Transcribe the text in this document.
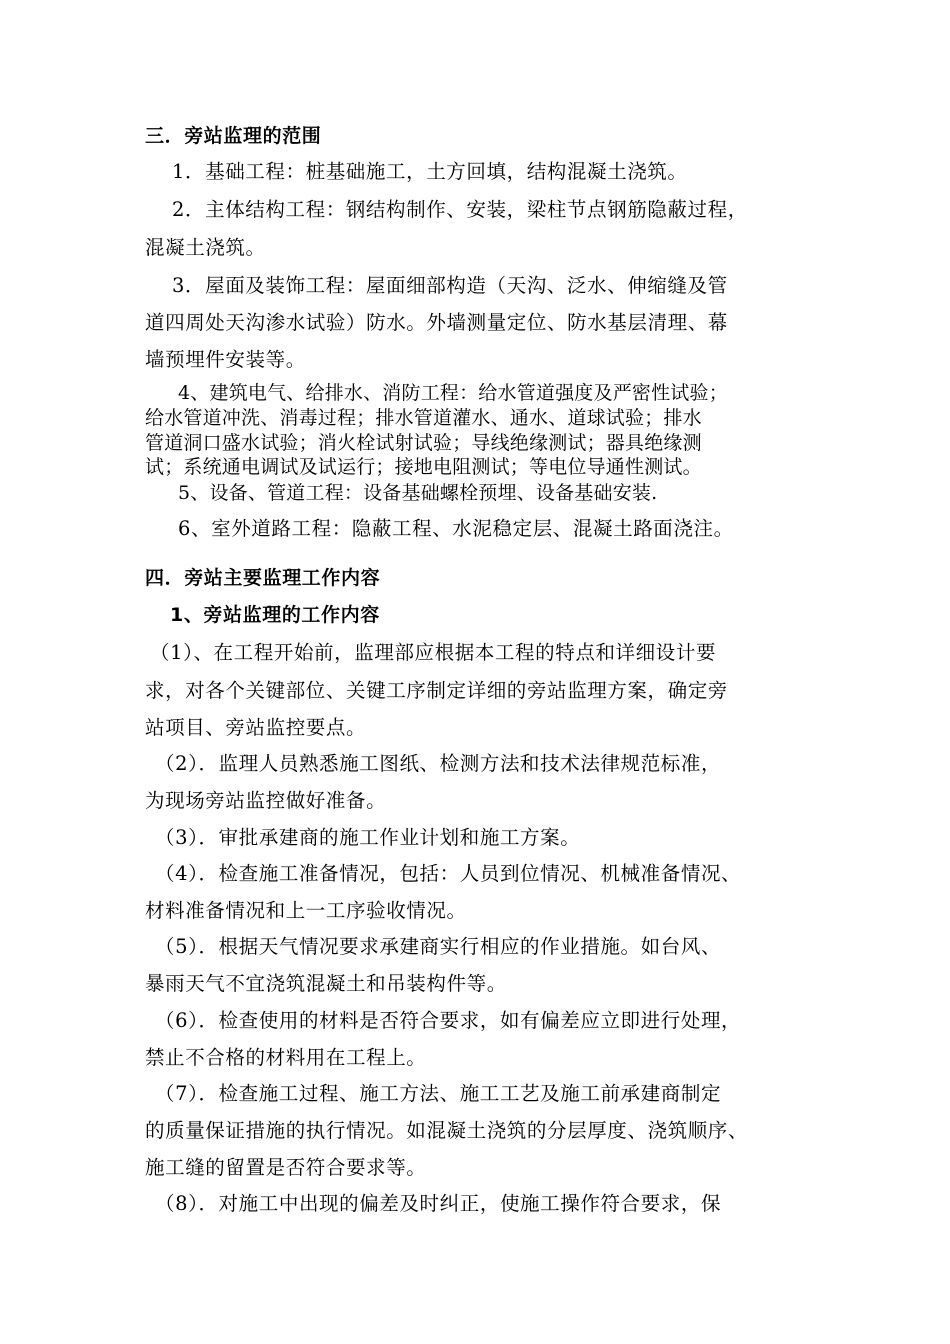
三．旁站监理的范围
1．基础工程：桩基础施工，土方回填，结构混凝土浇筑。
2．主体结构工程：钢结构制作、安装，梁柱节点钢筋隐蔽过程，
混凝土浇筑。
3．屋面及装饰工程：屋面细部构造（天沟、泛水、伸缩缝及管
道四周处天沟渗水试验）防水。外墙测量定位、防水基层清理、幕
墙预埋件安装等。
4、建筑电气、给排水、消防工程：给水管道强度及严密性试验；
给水管道冲洗、消毒过程；排水管道灌水、通水、道球试验；排水
管道洞口盛水试验；消火栓试射试验；导线绝缘测试；器具绝缘测
试；系统通电调试及试运行；接地电阻测试；等电位导通性测试。
5、设备、管道工程：设备基础螺栓预埋、设备基础安装.
6、室外道路工程：隐蔽工程、水泥稳定层、混凝土路面浇注。
四．旁站主要监理工作内容
1、旁站监理的工作内容
（1）、在工程开始前，监理部应根据本工程的特点和详细设计要
求，对各个关键部位、关键工序制定详细的旁站监理方案，确定旁
站项目、旁站监控要点。
（2）．监理人员熟悉施工图纸、检测方法和技术法律规范标准，
为现场旁站监控做好准备。
（3）．审批承建商的施工作业计划和施工方案。
（4）．检查施工准备情况，包括：人员到位情况、机械准备情况、
材料准备情况和上一工序验收情况。
（5）．根据天气情况要求承建商实行相应的作业措施。如台风、
暴雨天气不宜浇筑混凝土和吊装构件等。
（6）．检查使用的材料是否符合要求，如有偏差应立即进行处理，
禁止不合格的材料用在工程上。
（7）．检查施工过程、施工方法、施工工艺及施工前承建商制定
的质量保证措施的执行情况。如混凝土浇筑的分层厚度、浇筑顺序、
施工缝的留置是否符合要求等。
（8）．对施工中出现的偏差及时纠正，使施工操作符合要求，保
